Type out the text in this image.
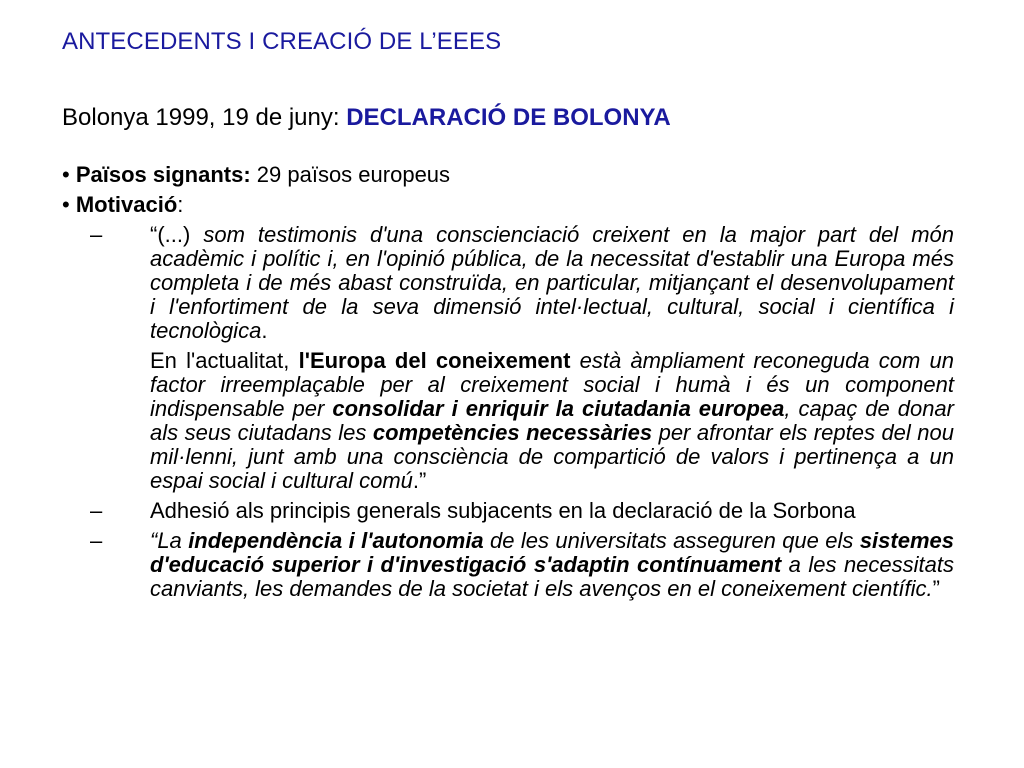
ANTECEDENTS I CREACIÓ DE L’EEES
Bolonya 1999, 19 de juny: DECLARACIÓ DE BOLONYA
• Països signants: 29 països europeus
• Motivació:
–	“(...) som testimonis d'una conscienciació creixent en la major part del món acadèmic i polític i, en l'opinió pública, de la necessitat d'establir una Europa més completa i de més abast construïda, en particular, mitjançant el desenvolupament i l'enfortiment de la seva dimensió intel·lectual, cultural, social i científica i tecnològica.
En l'actualitat, l'Europa del coneixement està àmpliament reconeguda com un factor irreemplaçable per al creixement social i humà i és un component indispensable per consolidar i enriquir la ciutadania europea, capaç de donar als seus ciutadans les competències necessàries per afrontar els reptes del nou mil·lenni, junt amb una consciència de compartició de valors i pertinença a un espai social i cultural comú.”
–	Adhesió als principis generals subjacents en la declaració de la Sorbona
–	“La independència i l'autonomia de les universitats asseguren que els sistemes d'educació superior i d'investigació s'adaptin contínuament a les necessitats canviants, les demandes de la societat i els avenços en el coneixement científic.”
